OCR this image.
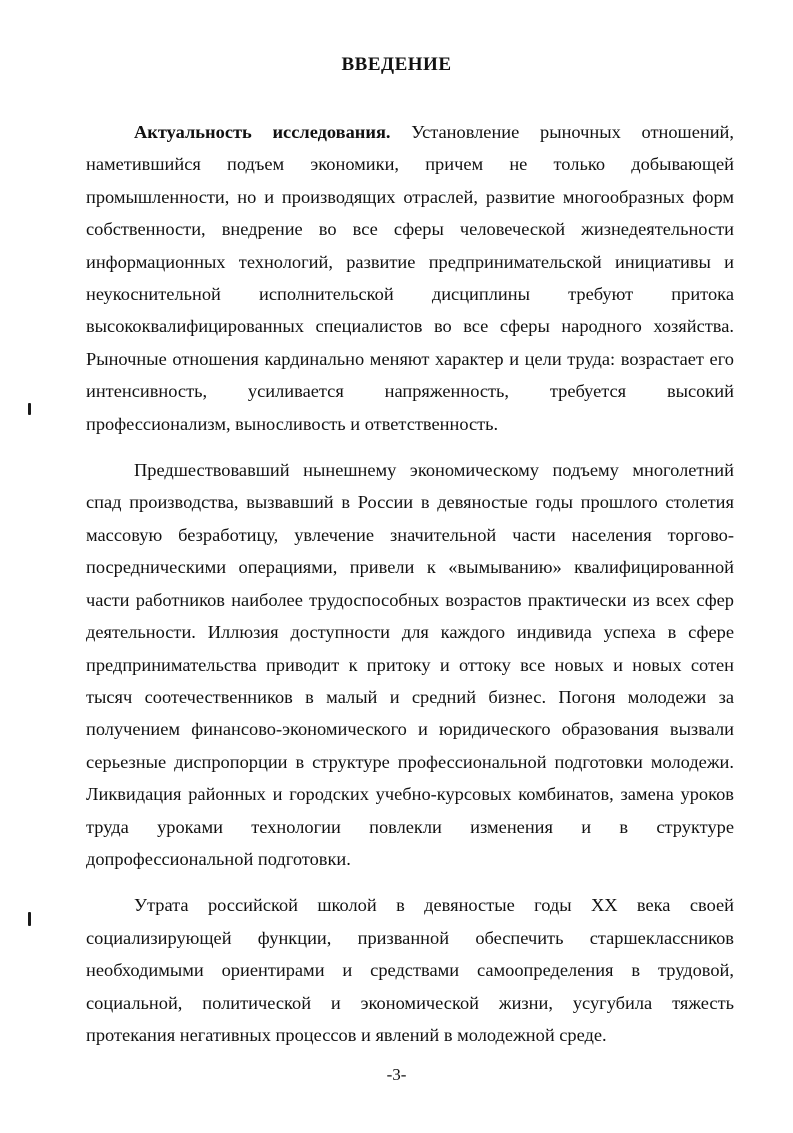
ВВЕДЕНИЕ

Актуальность исследования. Установление рыночных отношений, наметившийся подъем экономики, причем не только добывающей промышленности, но и производящих отраслей, развитие многообразных форм собственности, внедрение во все сферы человеческой жизнедеятельности информационных технологий, развитие предпринимательской инициативы и неукоснительной исполнительской дисциплины требуют притока высококвалифицированных специалистов во все сферы народного хозяйства. Рыночные отношения кардинально меняют характер и цели труда: возрастает его интенсивность, усиливается напряженность, требуется высокий профессионализм, выносливость и ответственность.

Предшествовавший нынешнему экономическому подъему многолетний спад производства, вызвавший в России в девяностые годы прошлого столетия массовую безработицу, увлечение значительной части населения торгово-посредническими операциями, привели к «вымыванию» квалифицированной части работников наиболее трудоспособных возрастов практически из всех сфер деятельности. Иллюзия доступности для каждого индивида успеха в сфере предпринимательства приводит к притоку и оттоку все новых и новых сотен тысяч соотечественников в малый и средний бизнес. Погоня молодежи за получением финансово-экономического и юридического образования вызвали серьезные диспропорции в структуре профессиональной подготовки молодежи. Ликвидация районных и городских учебно-курсовых комбинатов, замена уроков труда уроками технологии повлекли изменения и в структуре допрофессиональной подготовки.

Утрата российской школой в девяностые годы XX века своей социализирующей функции, призванной обеспечить старшеклассников необходимыми ориентирами и средствами самоопределения в трудовой, социальной, политической и экономической жизни, усугубила тяжесть протекания негативных процессов и явлений в молодежной среде.

-3-
